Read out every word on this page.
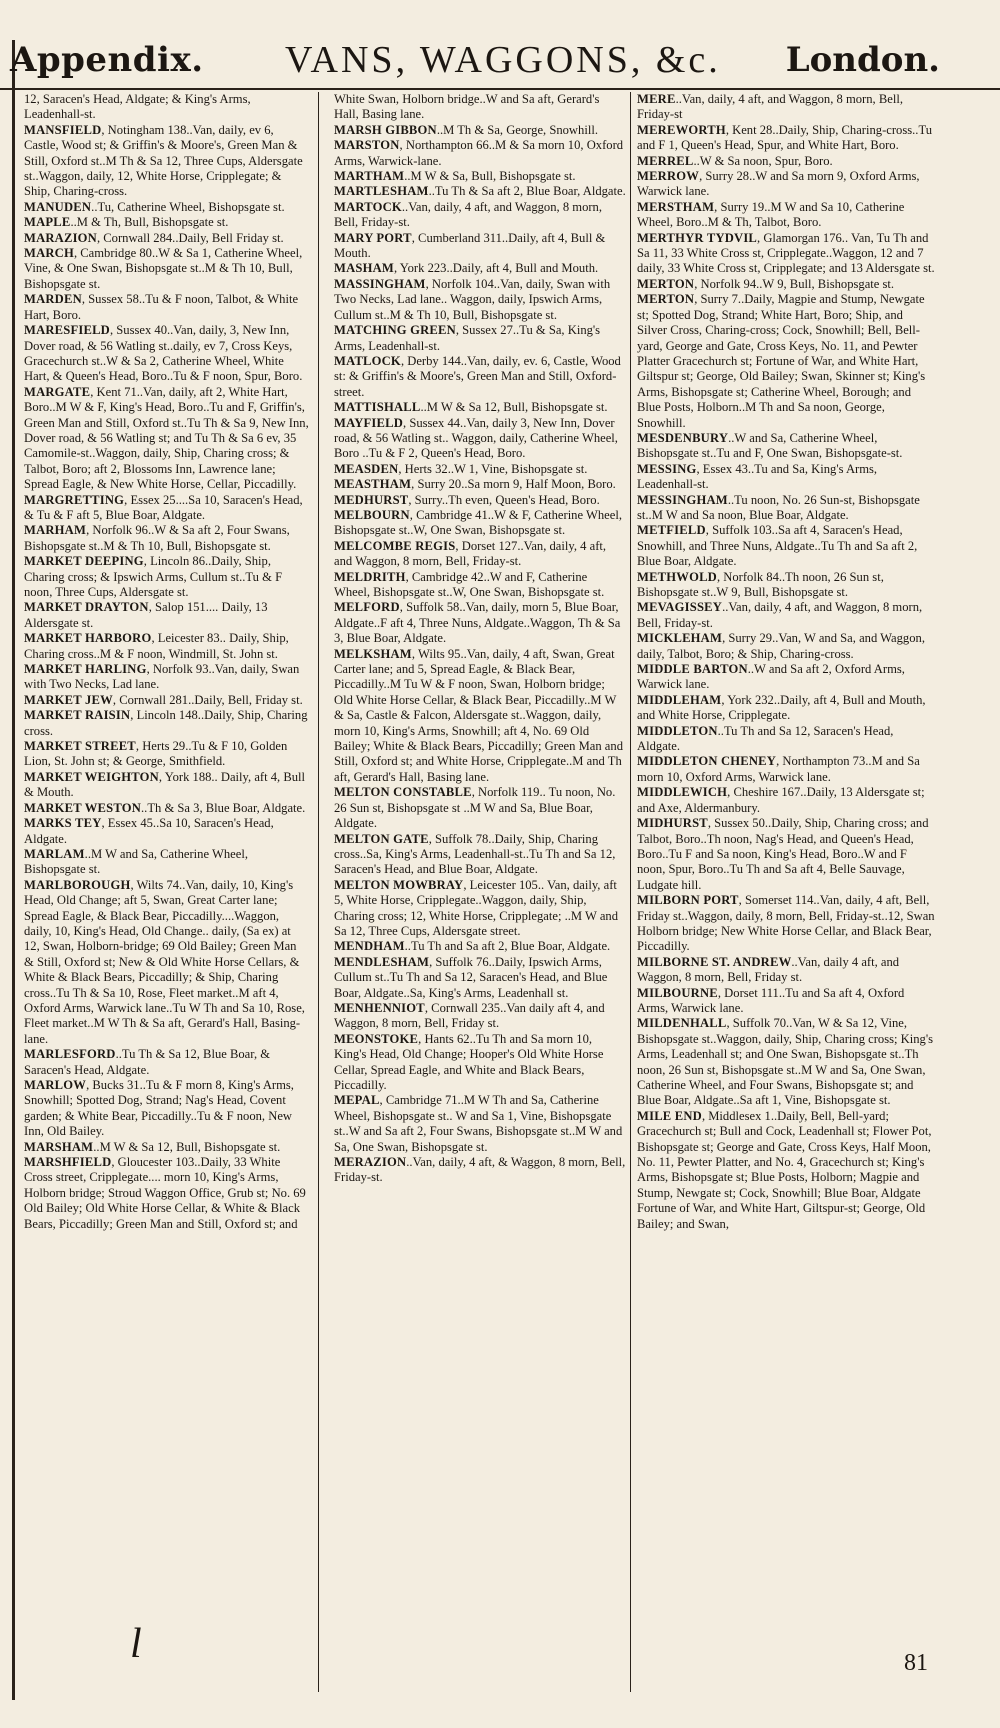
Appendix. VANS, WAGGONS, &c. London.

12, Saracen's Head, Aldgate; & King's Arms, Leadenhall-st.

MANSFIELD, Notingham 138..Van, daily, ev 6, Castle, Wood st; & Griffin's & Moore's, Green Man & Still, Oxford st..M Th & Sa 12, Three Cups, Aldersgate st..Waggon, daily, 12, White Horse, Cripplegate; & Ship, Charing-cross.

MANUDEN..Tu, Catherine Wheel, Bishopsgate st.

MAPLE..M & Th, Bull, Bishopsgate st.

MARAZION, Cornwall 284..Daily, Bell Friday st.

MARCH, Cambridge 80..W & Sa 1, Catherine Wheel, Vine, & One Swan, Bishopsgate st..M & Th 10, Bull, Bishopsgate st.

MARDEN, Sussex 58..Tu & F noon, Talbot, & White Hart, Boro.

MARESFIELD, Sussex 40..Van, daily, 3, New Inn, Dover road, & 56 Watling st..daily, ev 7, Cross Keys, Gracechurch st..W & Sa 2, Catherine Wheel, White Hart, & Queen's Head, Boro..Tu & F noon, Spur, Boro.

MARGATE, Kent 71..Van, daily, aft 2, White Hart, Boro..M W & F, King's Head, Boro..Tu and F, Griffin's, Green Man and Still, Oxford st..Tu Th & Sa 9, New Inn, Dover road, & 56 Watling st; and Tu Th & Sa 6 ev, 35 Camomile-st..Waggon, daily, Ship, Charing cross; & Talbot, Boro; aft 2, Blossoms Inn, Lawrence lane; Spread Eagle, & New White Horse, Cellar, Piccadilly.

MARGRETTING, Essex 25....Sa 10, Saracen's Head, & Tu & F aft 5, Blue Boar, Aldgate.

MARHAM, Norfolk 96..W & Sa aft 2, Four Swans, Bishopsgate st..M & Th 10, Bull, Bishopsgate st.

MARKET DEEPING, Lincoln 86..Daily, Ship, Charing cross; & Ipswich Arms, Cullum st..Tu & F noon, Three Cups, Aldersgate st.

MARKET DRAYTON, Salop 151.... Daily, 13 Aldersgate st.

MARKET HARBORO, Leicester 83.. Daily, Ship, Charing cross..M & F noon, Windmill, St. John st.

MARKET HARLING, Norfolk 93..Van, daily, Swan with Two Necks, Lad lane.

MARKET JEW, Cornwall 281..Daily, Bell, Friday st.

MARKET RAISIN, Lincoln 148..Daily, Ship, Charing cross.

MARKET STREET, Herts 29..Tu & F 10, Golden Lion, St. John st; & George, Smithfield.

MARKET WEIGHTON, York 188.. Daily, aft 4, Bull & Mouth.

MARKET WESTON..Th & Sa 3, Blue Boar, Aldgate.

MARKS TEY, Essex 45..Sa 10, Saracen's Head, Aldgate.

MARLAM..M W and Sa, Catherine Wheel, Bishopsgate st.

MARLBOROUGH, Wilts 74..Van, daily, 10, King's Head, Old Change; aft 5, Swan, Great Carter lane; Spread Eagle, & Black Bear, Piccadilly....Waggon, daily, 10, King's Head, Old Change.. daily, (Sa ex) at 12, Swan, Holborn-bridge; 69 Old Bailey; Green Man & Still, Oxford st; New & Old White Horse Cellars, & White & Black Bears, Piccadilly; & Ship, Charing cross..Tu Th & Sa 10, Rose, Fleet market..M aft 4, Oxford Arms, Warwick lane..Tu W Th and Sa 10, Rose, Fleet market..M W Th & Sa aft, Gerard's Hall, Basing-lane.

MARLESFORD..Tu Th & Sa 12, Blue Boar, & Saracen's Head, Aldgate.

MARLOW, Bucks 31..Tu & F morn 8, King's Arms, Snowhill; Spotted Dog, Strand; Nag's Head, Covent garden; & White Bear, Piccadilly..Tu & F noon, New Inn, Old Bailey.

MARSHAM..M W & Sa 12, Bull, Bishopsgate st.

MARSHFIELD, Gloucester 103..Daily, 33 White Cross street, Cripplegate.... morn 10, King's Arms, Holborn bridge; Stroud Waggon Office, Grub st; No. 69 Old Bailey; Old White Horse Cellar, & White & Black Bears, Piccadilly; Green Man and Still, Oxford st; and

White Swan, Holborn bridge..W and Sa aft, Gerard's Hall, Basing lane.

MARSH GIBBON..M Th & Sa, George, Snowhill.

MARSTON, Northampton 66..M & Sa morn 10, Oxford Arms, Warwick-lane.

MARTHAM..M W & Sa, Bull, Bishopsgate st.

MARTLESHAM..Tu Th & Sa aft 2, Blue Boar, Aldgate.

MARTOCK..Van, daily, 4 aft, and Waggon, 8 morn, Bell, Friday-st.

MARY PORT, Cumberland 311..Daily, aft 4, Bull & Mouth.

MASHAM, York 223..Daily, aft 4, Bull and Mouth.

MASSINGHAM, Norfolk 104..Van, daily, Swan with Two Necks, Lad lane.. Waggon, daily, Ipswich Arms, Cullum st..M & Th 10, Bull, Bishopsgate st.

MATCHING GREEN, Sussex 27..Tu & Sa, King's Arms, Leadenhall-st.

MATLOCK, Derby 144..Van, daily, ev. 6, Castle, Wood st: & Griffin's & Moore's, Green Man and Still, Oxford-street.

MATTISHALL..M W & Sa 12, Bull, Bishopsgate st.

MAYFIELD, Sussex 44..Van, daily 3, New Inn, Dover road, & 56 Watling st.. Waggon, daily, Catherine Wheel, Boro ..Tu & F 2, Queen's Head, Boro.

MEASDEN, Herts 32..W 1, Vine, Bishopsgate st.

MEASTHAM, Surry 20..Sa morn 9, Half Moon, Boro.

MEDHURST, Surry..Th even, Queen's Head, Boro.

MELBOURN, Cambridge 41..W & F, Catherine Wheel, Bishopsgate st..W, One Swan, Bishopsgate st.

MELCOMBE REGIS, Dorset 127..Van, daily, 4 aft, and Waggon, 8 morn, Bell, Friday-st.

MELDRITH, Cambridge 42..W and F, Catherine Wheel, Bishopsgate st..W, One Swan, Bishopsgate st.

MELFORD, Suffolk 58..Van, daily, morn 5, Blue Boar, Aldgate..F aft 4, Three Nuns, Aldgate..Waggon, Th & Sa 3, Blue Boar, Aldgate.

MELKSHAM, Wilts 95..Van, daily, 4 aft, Swan, Great Carter lane; and 5, Spread Eagle, & Black Bear, Piccadilly..M Tu W & F noon, Swan, Holborn bridge; Old White Horse Cellar, & Black Bear, Piccadilly..M W & Sa, Castle & Falcon, Aldersgate st..Waggon, daily, morn 10, King's Arms, Snowhill; aft 4, No. 69 Old Bailey; White & Black Bears, Piccadilly; Green Man and Still, Oxford st; and White Horse, Cripplegate..M and Th aft, Gerard's Hall, Basing lane.

MELTON CONSTABLE, Norfolk 119.. Tu noon, No. 26 Sun st, Bishopsgate st ..M W and Sa, Blue Boar, Aldgate.

MELTON GATE, Suffolk 78..Daily, Ship, Charing cross..Sa, King's Arms, Leadenhall-st..Tu Th and Sa 12, Saracen's Head, and Blue Boar, Aldgate.

MELTON MOWBRAY, Leicester 105.. Van, daily, aft 5, White Horse, Cripplegate..Waggon, daily, Ship, Charing cross; 12, White Horse, Cripplegate; ..M W and Sa 12, Three Cups, Aldersgate street.

MENDHAM..Tu Th and Sa aft 2, Blue Boar, Aldgate.

MENDLESHAM, Suffolk 76..Daily, Ipswich Arms, Cullum st..Tu Th and Sa 12, Saracen's Head, and Blue Boar, Aldgate..Sa, King's Arms, Leadenhall st.

MENHENNIOT, Cornwall 235..Van daily aft 4, and Waggon, 8 morn, Bell, Friday st.

MEONSTOKE, Hants 62..Tu Th and Sa morn 10, King's Head, Old Change; Hooper's Old White Horse Cellar, Spread Eagle, and White and Black Bears, Piccadilly.

MEPAL, Cambridge 71..M W Th and Sa, Catherine Wheel, Bishopsgate st.. W and Sa 1, Vine, Bishopsgate st..W and Sa aft 2, Four Swans, Bishopsgate st..M W and Sa, One Swan, Bishopsgate st.

MERAZION..Van, daily, 4 aft, & Waggon, 8 morn, Bell, Friday-st.

MERE..Van, daily, 4 aft, and Waggon, 8 morn, Bell, Friday-st

MEREWORTH, Kent 28..Daily, Ship, Charing-cross..Tu and F 1, Queen's Head, Spur, and White Hart, Boro.

MERREL..W & Sa noon, Spur, Boro.

MERROW, Surry 28..W and Sa morn 9, Oxford Arms, Warwick lane.

MERSTHAM, Surry 19..M W and Sa 10, Catherine Wheel, Boro..M & Th, Talbot, Boro.

MERTHYR TYDVIL, Glamorgan 176.. Van, Tu Th and Sa 11, 33 White Cross st, Cripplegate..Waggon, 12 and 7 daily, 33 White Cross st, Cripplegate; and 13 Aldersgate st.

MERTON, Norfolk 94..W 9, Bull, Bishopsgate st.

MERTON, Surry 7..Daily, Magpie and Stump, Newgate st; Spotted Dog, Strand; White Hart, Boro; Ship, and Silver Cross, Charing-cross; Cock, Snowhill; Bell, Bell-yard, George and Gate, Cross Keys, No. 11, and Pewter Platter Gracechurch st; Fortune of War, and White Hart, Giltspur st; George, Old Bailey; Swan, Skinner st; King's Arms, Bishopsgate st; Catherine Wheel, Borough; and Blue Posts, Holborn..M Th and Sa noon, George, Snowhill.

MESDENBURY..W and Sa, Catherine Wheel, Bishopsgate st..Tu and F, One Swan, Bishopsgate-st.

MESSING, Essex 43..Tu and Sa, King's Arms, Leadenhall-st.

MESSINGHAM..Tu noon, No. 26 Sun-st, Bishopsgate st..M W and Sa noon, Blue Boar, Aldgate.

METFIELD, Suffolk 103..Sa aft 4, Saracen's Head, Snowhill, and Three Nuns, Aldgate..Tu Th and Sa aft 2, Blue Boar, Aldgate.

METHWOLD, Norfolk 84..Th noon, 26 Sun st, Bishopsgate st..W 9, Bull, Bishopsgate st.

MEVAGISSEY..Van, daily, 4 aft, and Waggon, 8 morn, Bell, Friday-st.

MICKLEHAM, Surry 29..Van, W and Sa, and Waggon, daily, Talbot, Boro; & Ship, Charing-cross.

MIDDLE BARTON..W and Sa aft 2, Oxford Arms, Warwick lane.

MIDDLEHAM, York 232..Daily, aft 4, Bull and Mouth, and White Horse, Cripplegate.

MIDDLETON..Tu Th and Sa 12, Saracen's Head, Aldgate.

MIDDLETON CHENEY, Northampton 73..M and Sa morn 10, Oxford Arms, Warwick lane.

MIDDLEWICH, Cheshire 167..Daily, 13 Aldersgate st; and Axe, Aldermanbury.

MIDHURST, Sussex 50..Daily, Ship, Charing cross; and Talbot, Boro..Th noon, Nag's Head, and Queen's Head, Boro..Tu F and Sa noon, King's Head, Boro..W and F noon, Spur, Boro..Tu Th and Sa aft 4, Belle Sauvage, Ludgate hill.

MILBORN PORT, Somerset 114..Van, daily, 4 aft, Bell, Friday st..Waggon, daily, 8 morn, Bell, Friday-st..12, Swan Holborn bridge; New White Horse Cellar, and Black Bear, Piccadilly.

MILBORNE ST. ANDREW..Van, daily 4 aft, and Waggon, 8 morn, Bell, Friday st.

MILBOURNE, Dorset 111..Tu and Sa aft 4, Oxford Arms, Warwick lane.

MILDENHALL, Suffolk 70..Van, W & Sa 12, Vine, Bishopsgate st..Waggon, daily, Ship, Charing cross; King's Arms, Leadenhall st; and One Swan, Bishopsgate st..Th noon, 26 Sun st, Bishopsgate st..M W and Sa, One Swan, Catherine Wheel, and Four Swans, Bishopsgate st; and Blue Boar, Aldgate..Sa aft 1, Vine, Bishopsgate st.

MILE END, Middlesex 1..Daily, Bell, Bell-yard; Gracechurch st; Bull and Cock, Leadenhall st; Flower Pot, Bishopsgate st; George and Gate, Cross Keys, Half Moon, No. 11, Pewter Platter, and No. 4, Gracechurch st; King's Arms, Bishopsgate st; Blue Posts, Holborn; Magpie and Stump, Newgate st; Cock, Snowhill; Blue Boar, Aldgate Fortune of War, and White Hart, Giltspur-st; George, Old Bailey; and Swan,

l	81
